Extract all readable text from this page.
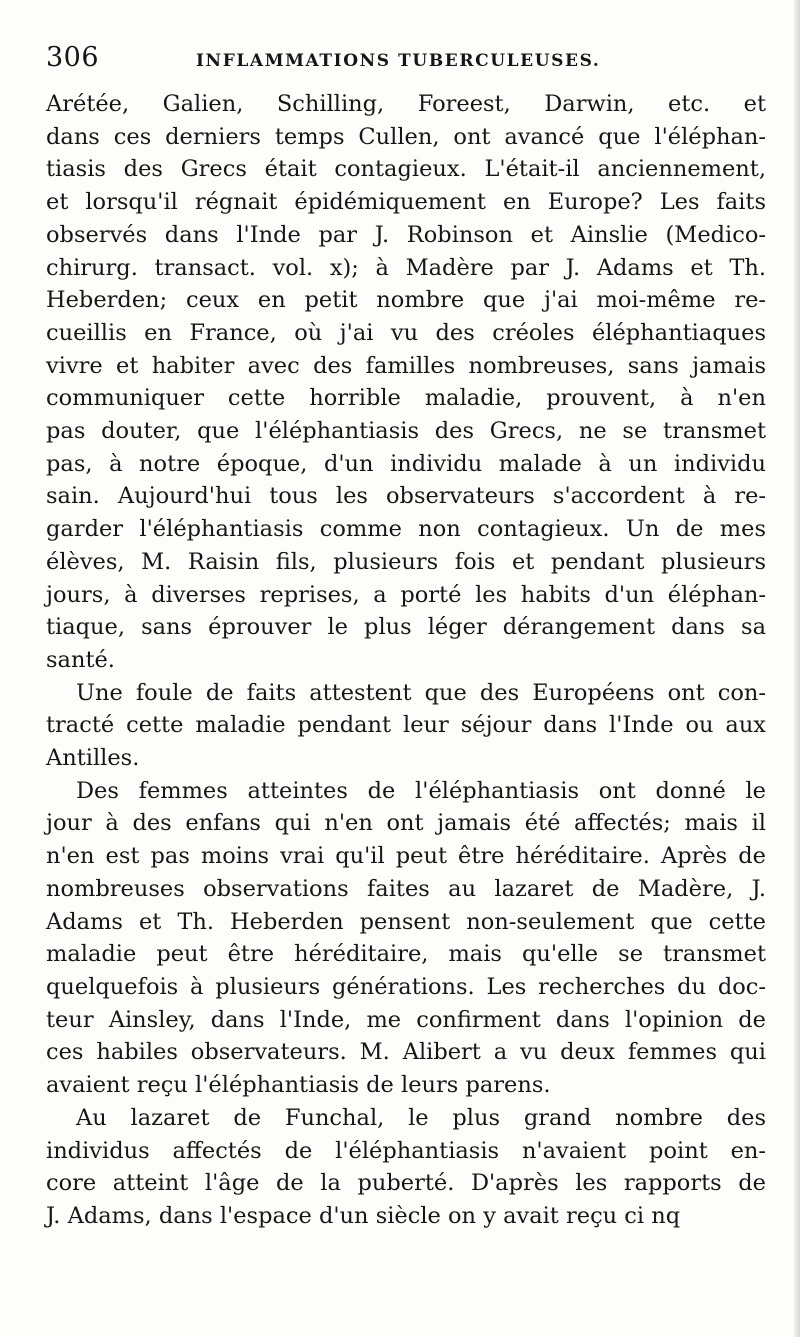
306	INFLAMMATIONS TUBERCULEUSES.

Arétée, Galien, Schilling, Foreest, Darwin, etc. et
dans ces derniers temps Cullen, ont avancé que l'éléphan-
tiasis des Grecs était contagieux. L'était-il anciennement,
et lorsqu'il régnait épidémiquement en Europe? Les faits
observés dans l'Inde par J. Robinson et Ainslie (Medico-
chirurg. transact. vol. x); à Madère par J. Adams et Th.
Heberden; ceux en petit nombre que j'ai moi-même re-
cueillis en France, où j'ai vu des créoles éléphantiaques
vivre et habiter avec des familles nombreuses, sans jamais
communiquer cette horrible maladie, prouvent, à n'en
pas douter, que l'éléphantiasis des Grecs, ne se transmet
pas, à notre époque, d'un individu malade à un individu
sain. Aujourd'hui tous les observateurs s'accordent à re-
garder l'éléphantiasis comme non contagieux. Un de mes
élèves, M. Raisin fils, plusieurs fois et pendant plusieurs
jours, à diverses reprises, a porté les habits d'un éléphan-
tiaque, sans éprouver le plus léger dérangement dans sa
santé.

Une foule de faits attestent que des Européens ont con-
tracté cette maladie pendant leur séjour dans l'Inde ou aux
Antilles.

Des femmes atteintes de l'éléphantiasis ont donné le
jour à des enfans qui n'en ont jamais été affectés; mais il
n'en est pas moins vrai qu'il peut être héréditaire. Après de
nombreuses observations faites au lazaret de Madère, J.
Adams et Th. Heberden pensent non-seulement que cette
maladie peut être héréditaire, mais qu'elle se transmet
quelquefois à plusieurs générations. Les recherches du doc-
teur Ainsley, dans l'Inde, me confirment dans l'opinion de
ces habiles observateurs. M. Alibert a vu deux femmes qui
avaient reçu l'éléphantiasis de leurs parens.

Au lazaret de Funchal, le plus grand nombre des
individus affectés de l'éléphantiasis n'avaient point en-
core atteint l'âge de la puberté. D'après les rapports de
J. Adams, dans l'espace d'un siècle on y avait reçu ci nq
